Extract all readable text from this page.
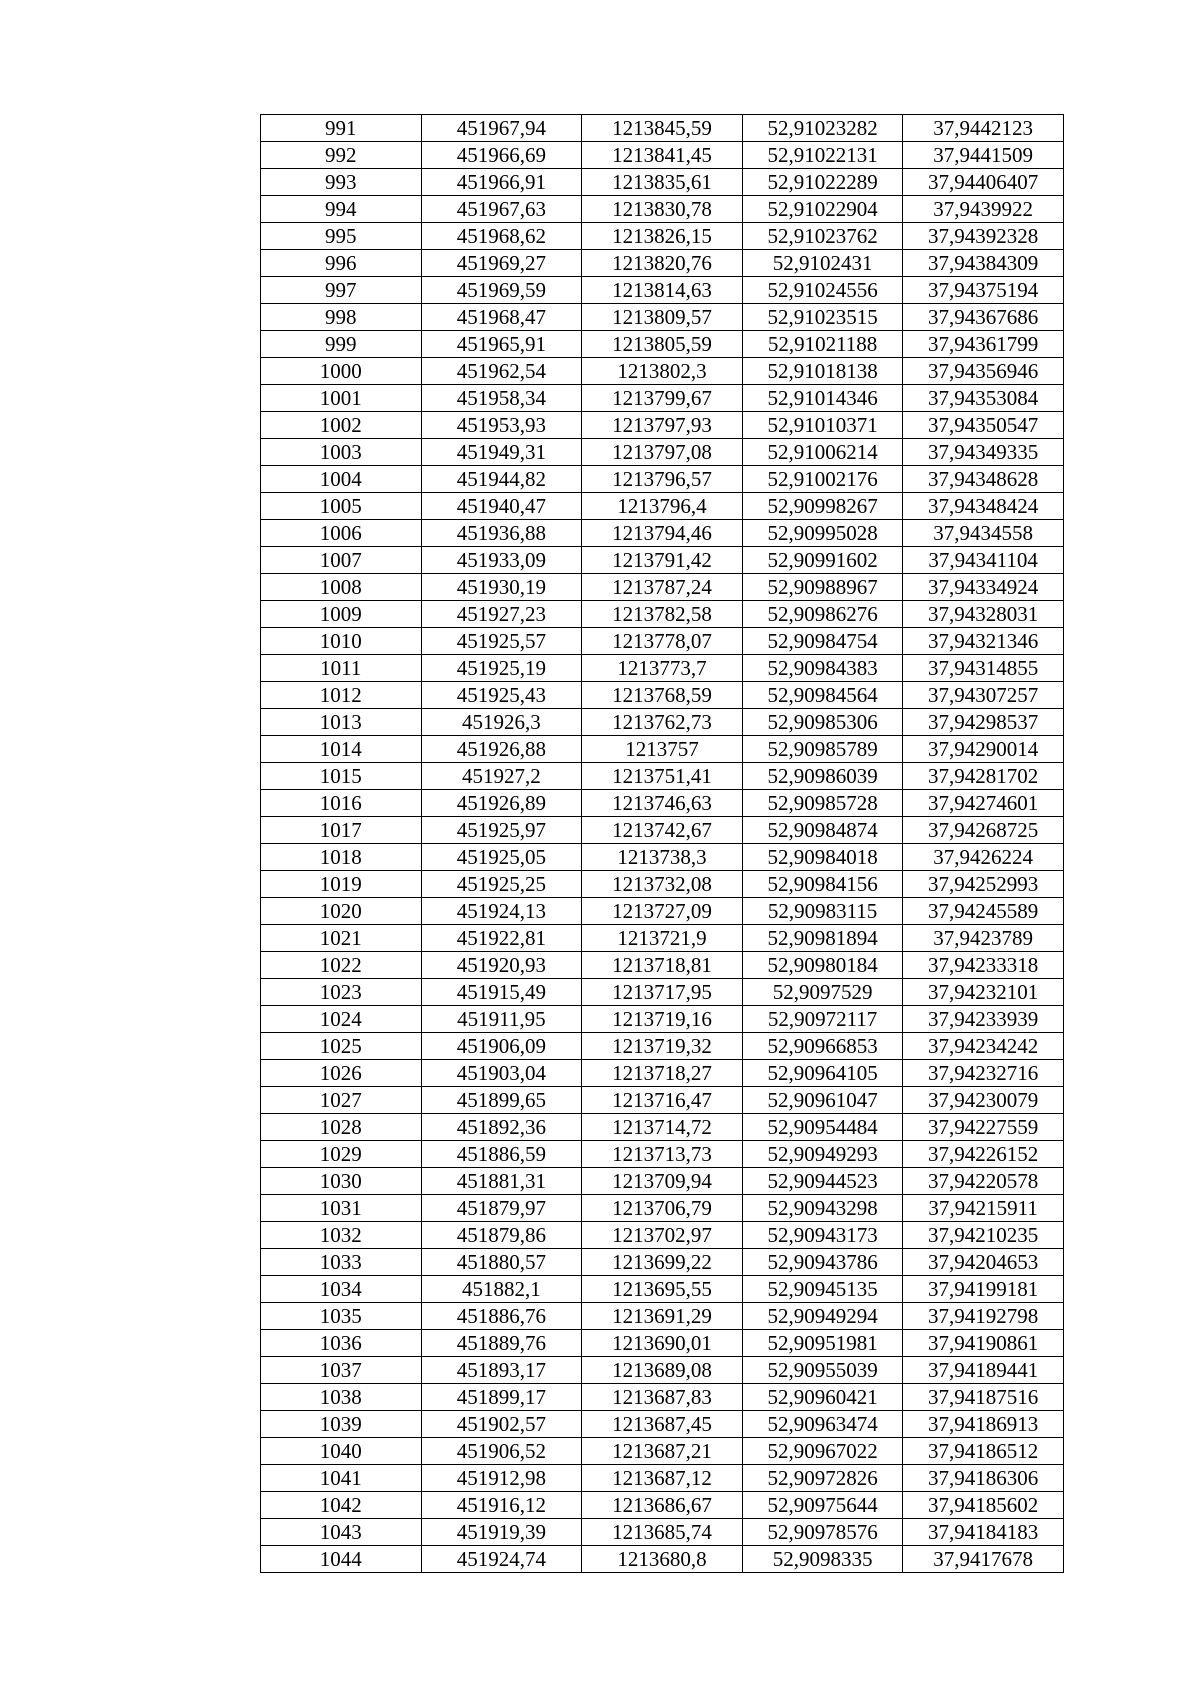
991	451967,94	1213845,59	52,91023282	37,9442123
992	451966,69	1213841,45	52,91022131	37,9441509
993	451966,91	1213835,61	52,91022289	37,94406407
994	451967,63	1213830,78	52,91022904	37,9439922
995	451968,62	1213826,15	52,91023762	37,94392328
996	451969,27	1213820,76	52,9102431	37,94384309
997	451969,59	1213814,63	52,91024556	37,94375194
998	451968,47	1213809,57	52,91023515	37,94367686
999	451965,91	1213805,59	52,91021188	37,94361799
1000	451962,54	1213802,3	52,91018138	37,94356946
1001	451958,34	1213799,67	52,91014346	37,94353084
1002	451953,93	1213797,93	52,91010371	37,94350547
1003	451949,31	1213797,08	52,91006214	37,94349335
1004	451944,82	1213796,57	52,91002176	37,94348628
1005	451940,47	1213796,4	52,90998267	37,94348424
1006	451936,88	1213794,46	52,90995028	37,9434558
1007	451933,09	1213791,42	52,90991602	37,94341104
1008	451930,19	1213787,24	52,90988967	37,94334924
1009	451927,23	1213782,58	52,90986276	37,94328031
1010	451925,57	1213778,07	52,90984754	37,94321346
1011	451925,19	1213773,7	52,90984383	37,94314855
1012	451925,43	1213768,59	52,90984564	37,94307257
1013	451926,3	1213762,73	52,90985306	37,94298537
1014	451926,88	1213757	52,90985789	37,94290014
1015	451927,2	1213751,41	52,90986039	37,94281702
1016	451926,89	1213746,63	52,90985728	37,94274601
1017	451925,97	1213742,67	52,90984874	37,94268725
1018	451925,05	1213738,3	52,90984018	37,9426224
1019	451925,25	1213732,08	52,90984156	37,94252993
1020	451924,13	1213727,09	52,90983115	37,94245589
1021	451922,81	1213721,9	52,90981894	37,9423789
1022	451920,93	1213718,81	52,90980184	37,94233318
1023	451915,49	1213717,95	52,9097529	37,94232101
1024	451911,95	1213719,16	52,90972117	37,94233939
1025	451906,09	1213719,32	52,90966853	37,94234242
1026	451903,04	1213718,27	52,90964105	37,94232716
1027	451899,65	1213716,47	52,90961047	37,94230079
1028	451892,36	1213714,72	52,90954484	37,94227559
1029	451886,59	1213713,73	52,90949293	37,94226152
1030	451881,31	1213709,94	52,90944523	37,94220578
1031	451879,97	1213706,79	52,90943298	37,94215911
1032	451879,86	1213702,97	52,90943173	37,94210235
1033	451880,57	1213699,22	52,90943786	37,94204653
1034	451882,1	1213695,55	52,90945135	37,94199181
1035	451886,76	1213691,29	52,90949294	37,94192798
1036	451889,76	1213690,01	52,90951981	37,94190861
1037	451893,17	1213689,08	52,90955039	37,94189441
1038	451899,17	1213687,83	52,90960421	37,94187516
1039	451902,57	1213687,45	52,90963474	37,94186913
1040	451906,52	1213687,21	52,90967022	37,94186512
1041	451912,98	1213687,12	52,90972826	37,94186306
1042	451916,12	1213686,67	52,90975644	37,94185602
1043	451919,39	1213685,74	52,90978576	37,94184183
1044	451924,74	1213680,8	52,9098335	37,9417678
